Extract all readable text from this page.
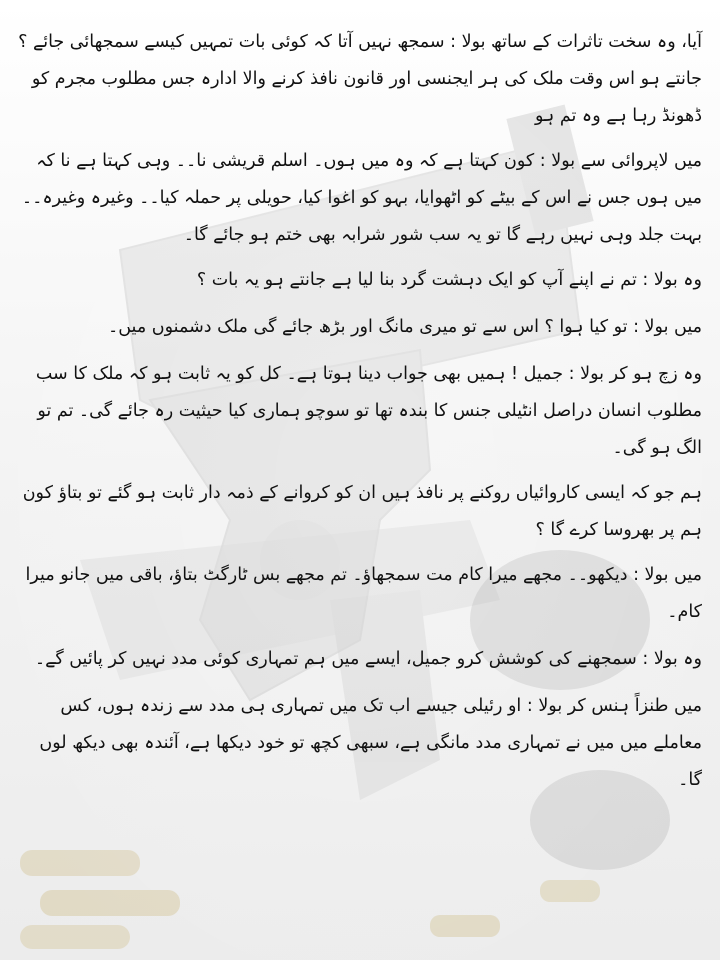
آیا، وہ سخت تاثرات کے ساتھ بولا : سمجھ نہیں آتا کہ کوئی بات تمہیں کیسے سمجھائی جائے ؟ جانتے ہو اس وقت ملک کی ہر ایجنسی اور قانون نافذ کرنے والا ادارہ جس مطلوب مجرم کو ڈھونڈ رہا ہے وہ تم ہو

میں لاپروائی سے بولا : کون کہتا ہے کہ وہ میں ہوں۔ اسلم قریشی نا۔۔ وہی کہتا ہے نا کہ میں ہوں جس نے اس کے بیٹے کو اٹھوایا، بہو کو اغوا کیا، حویلی پر حملہ کیا۔۔ وغیرہ وغیرہ۔۔ بہت جلد وہی نہیں رہے گا تو یہ سب شور شرابہ بھی ختم ہو جائے گا۔

وہ بولا : تم نے اپنے آپ کو ایک دہشت گرد بنا لیا ہے جانتے ہو یہ بات ؟

میں بولا : تو کیا ہوا ؟ اس سے تو میری مانگ اور بڑھ جائے گی ملک دشمنوں میں۔

وہ زچ ہو کر بولا : جمیل ! ہمیں بھی جواب دینا ہوتا ہے۔ کل کو یہ ثابت ہو کہ ملک کا سب مطلوب انسان دراصل انٹیلی جنس کا بندہ تھا تو سوچو ہماری کیا حیثیت رہ جائے گی۔ تم تو الگ ہو گی۔

ہم جو کہ ایسی کاروائیاں روکنے پر نافذ ہیں ان کو کروانے کے ذمہ دار ثابت ہو گئے تو بتاؤ کون ہم پر بھروسا کرے گا ؟

میں بولا : دیکھو۔۔ مجھے میرا کام مت سمجھاؤ۔ تم مجھے بس ٹارگٹ بتاؤ، باقی میں جانو میرا کام۔

وہ بولا : سمجھنے کی کوشش کرو جمیل، ایسے میں ہم تمہاری کوئی مدد نہیں کر پائیں گے۔

میں طنزاً ہنس کر بولا : او رئیلی جیسے اب تک میں تمہاری ہی مدد سے زندہ ہوں، کس معاملے میں میں نے تمہاری مدد مانگی ہے، سبھی کچھ تو خود دیکھا ہے، آئندہ بھی دیکھ لوں گا۔
